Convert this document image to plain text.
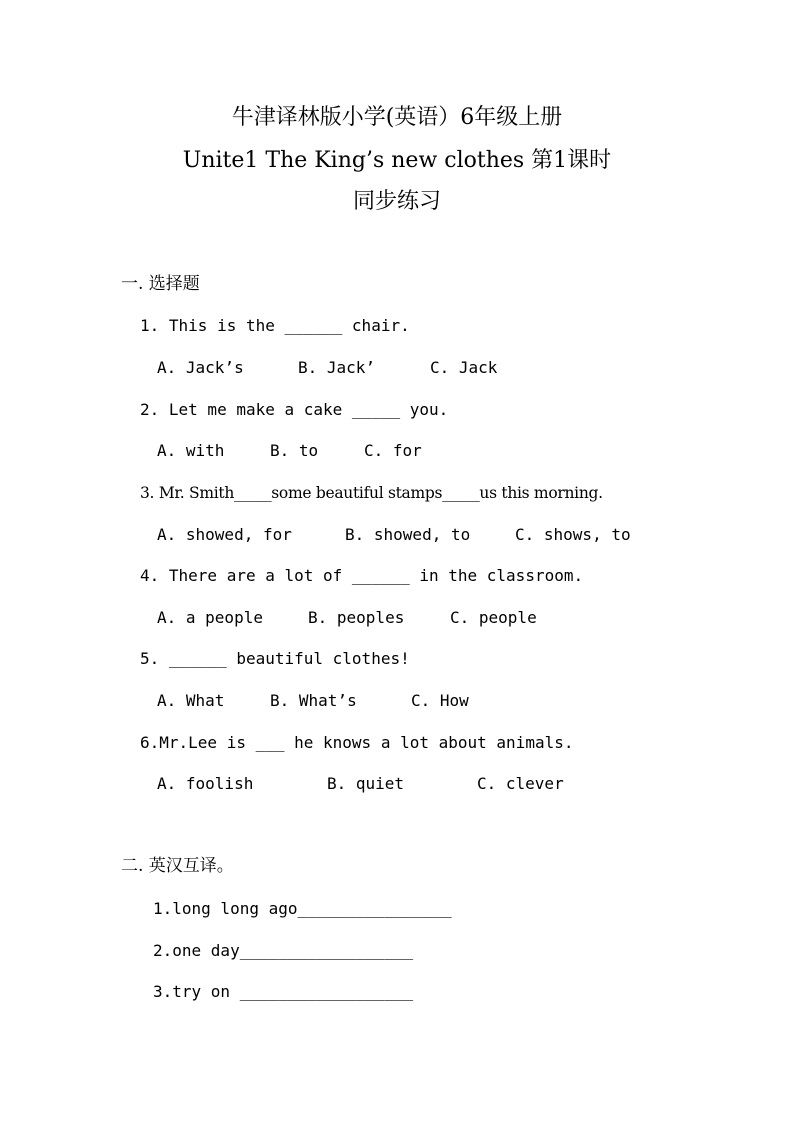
牛津译林版小学(英语）6年级上册
Unite1 The King’s new clothes 第1课时
同步练习
一. 选择题
1. This is the ______ chair.
A. Jack’s	B. Jack’	C. Jack
2. Let me make a cake _____ you.
A. with	B. to	C. for
3. Mr. Smith_____some beautiful stamps_____us this morning.
A. showed, for	B. showed, to	C. shows, to
4. There are a lot of ______ in the classroom.
A. a people	B. peoples	C. people
5. ______ beautiful clothes!
A. What	B. What’s	C. How
6.Mr.Lee is ___ he knows a lot about animals.
A. foolish	B. quiet	C. clever
二. 英汉互译。
1.long long ago________________
2.one day__________________
3.try on __________________
